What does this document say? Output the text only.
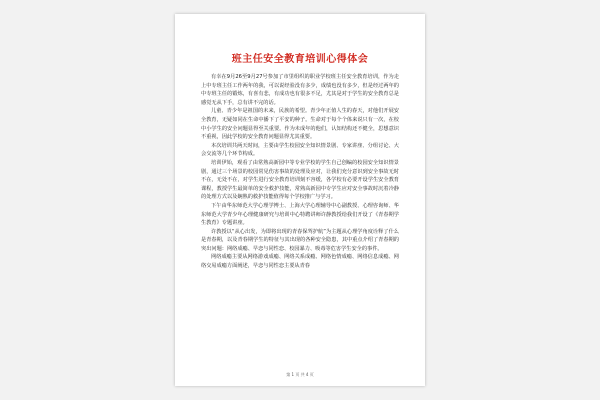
班主任安全教育培训心得体会

有幸在9月26至9月27号参加了市里组织的职业学校班主任安全教育培训，作为走上中专班主任工作两年的我，可以说经验没有多少，成绩也没有多少，但是经过两年的中专班主任的锻炼，有喜有悲，有成功也有很多不足，尤其是对于学生的安全教育总是感觉无从下手，总有讲不完的话。

儿童、青少年是祖国的未来，民族的希望。青少年正值人生的春天，对他们开展安全教育，无疑如同在生命中播下了平安的种子。生命对于每个个体来说只有一次，在校中小学生的安全问题显得至关重要。作为未成年的他们，认知结构还不健全，思想意识不重视，因此学校的安全教育问题显得尤其重要。

本次培训共两天时间，主要由学生校园安全知识情景剧、专家讲座、分组讨论、大会交流等几个环节构成。

培训伊始，观看了由常熟高新园中等专业学校的学生自己创编的校园安全知识情景剧，通过三个场景的校园常见伤害事故的处理及应对，让我们充分意识到安全事故无时不在，无处不在，对学生进行安全教育培训刻不容缓，各学校有必要开设学生安全教育课程，教授学生最简单的安全救护技能，常熟高新园中专学生应对安全事故时沉着冷静的处理方式以及娴熟的救护技能值得每个学校推广与学习。

下午由华东师范大学心理学博士、上海大学心理辅导中心副教授、心理咨询师、华东师范大学青少年心理健康研究与培训中心特聘讲师许静教授给我们开设了《青春期学生教育》专题讲座。

许教授以“从心出发，为即将出现的青春保驾护航”为主题从心理学角度诠释了什么是青春期，以及青春期学生的特征与其出现的各种安全隐患，其中重点介绍了青春期的突出问题：网络成瘾、早恋与同性恋、校园暴力、吸毒等危害学生安全的事件。

网络成瘾主要从网络游戏成瘾、网络关系成瘾、网络色情成瘾、网络信息成瘾、网络交易成瘾方面阐述，早恋与同性恋主要从青春

第 1 页 共 4 页
